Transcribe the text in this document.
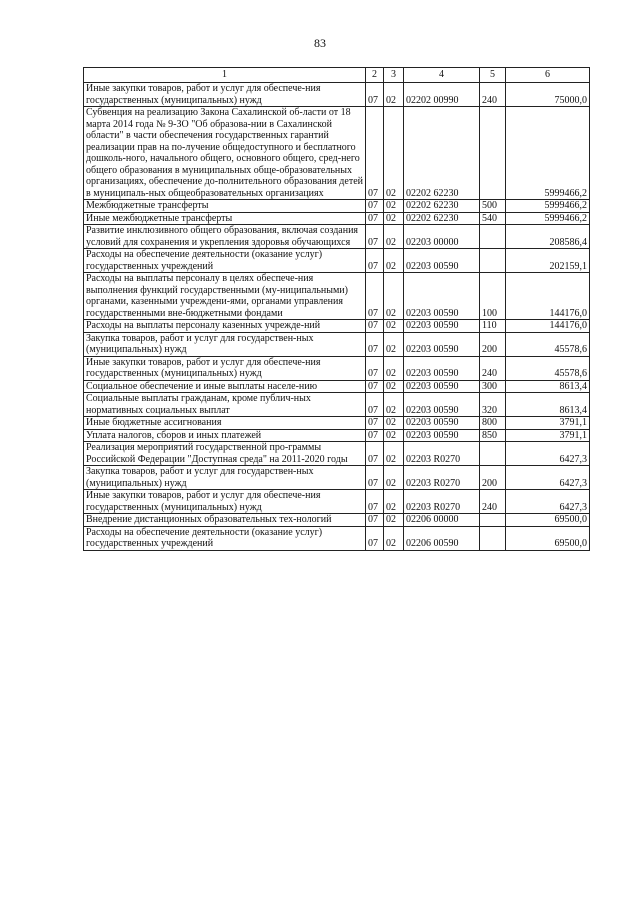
83
1	2	3	4	5	6
Иные закупки товаров, работ и услуг для обеспече-ния государственных (муниципальных) нужд	07	02	02202 00990	240	75000,0
Субвенция на реализацию Закона Сахалинской об-ласти от 18 марта 2014 года № 9-ЗО "Об образова-нии в Сахалинской области" в части обеспечения государственных гарантий реализации прав на по-лучение общедоступного и бесплатного дошколь-ного, начального общего, основного общего, сред-него общего образования в муниципальных обще-образовательных организациях, обеспечение до-полнительного образования детей в муниципаль-ных общеобразовательных организациях	07	02	02202 62230		5999466,2
Межбюджетные трансферты	07	02	02202 62230	500	5999466,2
Иные межбюджетные трансферты	07	02	02202 62230	540	5999466,2
Развитие инклюзивного общего образования, включая создания условий для сохранения и укрепления здоровья обучающихся	07	02	02203 00000		208586,4
Расходы на обеспечение деятельности (оказание услуг) государственных учреждений	07	02	02203 00590		202159,1
Расходы на выплаты персоналу в целях обеспече-ния выполнения функций государственными (му-ниципальными) органами, казенными учреждени-ями, органами управления государственными вне-бюджетными фондами	07	02	02203 00590	100	144176,0
Расходы на выплаты персоналу казенных учрежде-ний	07	02	02203 00590	110	144176,0
Закупка товаров, работ и услуг для государствен-ных (муниципальных) нужд	07	02	02203 00590	200	45578,6
Иные закупки товаров, работ и услуг для обеспече-ния государственных (муниципальных) нужд	07	02	02203 00590	240	45578,6
Социальное обеспечение и иные выплаты населе-нию	07	02	02203 00590	300	8613,4
Социальные выплаты гражданам, кроме публич-ных нормативных социальных выплат	07	02	02203 00590	320	8613,4
Иные бюджетные ассигнования	07	02	02203 00590	800	3791,1
Уплата налогов, сборов и иных платежей	07	02	02203 00590	850	3791,1
Реализация мероприятий государственной про-граммы Российской Федерации "Доступная среда" на 2011-2020 годы	07	02	02203 R0270		6427,3
Закупка товаров, работ и услуг для государствен-ных (муниципальных) нужд	07	02	02203 R0270	200	6427,3
Иные закупки товаров, работ и услуг для обеспече-ния государственных (муниципальных) нужд	07	02	02203 R0270	240	6427,3
Внедрение дистанционных образовательных тех-нологий	07	02	02206 00000		69500,0
Расходы на обеспечение деятельности (оказание услуг) государственных учреждений	07	02	02206 00590		69500,0
